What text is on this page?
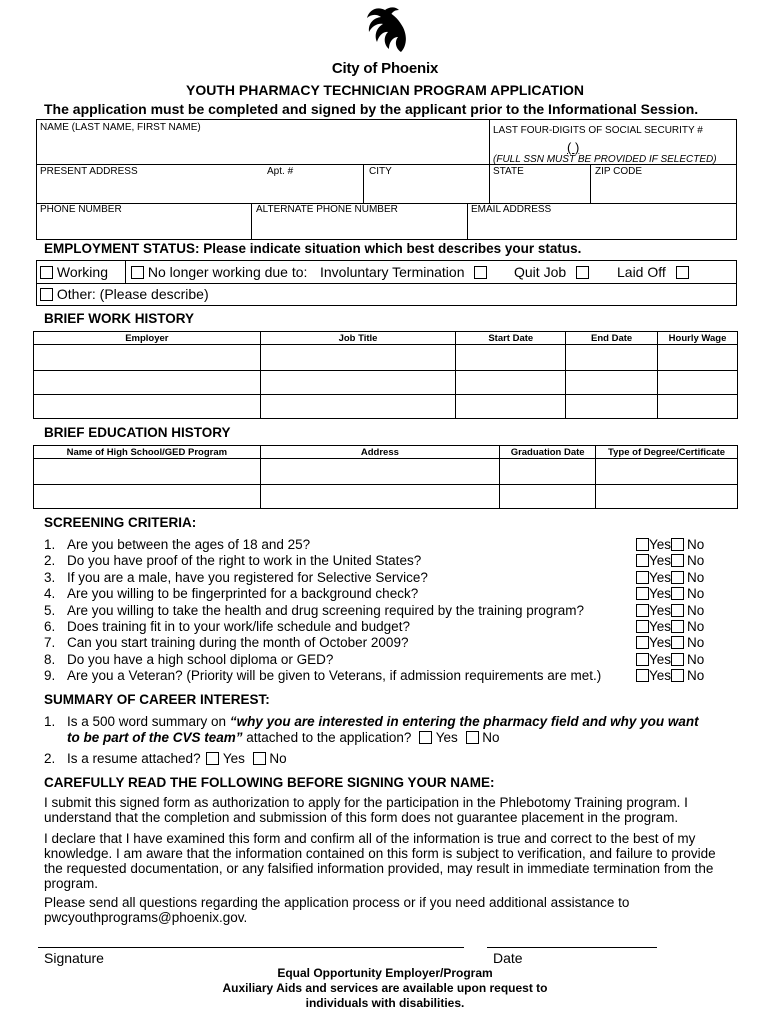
City of Phoenix
YOUTH PHARMACY TECHNICIAN PROGRAM APPLICATION
The application must be completed and signed by the applicant prior to the Informational Session.
NAME (LAST NAME, FIRST NAME)	LAST FOUR-DIGITS OF SOCIAL SECURITY #
( )
(FULL SSN MUST BE PROVIDED IF SELECTED)
PRESENT ADDRESS	Apt. #	CITY	STATE	ZIP CODE
PHONE NUMBER	ALTERNATE PHONE NUMBER	EMAIL ADDRESS
EMPLOYMENT STATUS: Please indicate situation which best describes your status.
Working	No longer working due to: Involuntary Termination	Quit Job	Laid Off
Other: (Please describe)
BRIEF WORK HISTORY
Employer	Job Title	Start Date	End Date	Hourly Wage

BRIEF EDUCATION HISTORY
Name of High School/GED Program	Address	Graduation Date	Type of Degree/Certificate

SCREENING CRITERIA:
1. Are you between the ages of 18 and 25?	Yes No
2. Do you have proof of the right to work in the United States?	Yes No
3. If you are a male, have you registered for Selective Service?	Yes No
4. Are you willing to be fingerprinted for a background check?	Yes No
5. Are you willing to take the health and drug screening required by the training program?	Yes No
6. Does training fit in to your work/life schedule and budget?	Yes No
7. Can you start training during the month of October 2009?	Yes No
8. Do you have a high school diploma or GED?	Yes No
9. Are you a Veteran? (Priority will be given to Veterans, if admission requirements are met.)	Yes No
SUMMARY OF CAREER INTEREST:
1. Is a 500 word summary on “why you are interested in entering the pharmacy field and why you want
to be part of the CVS team” attached to the application? Yes No
2. Is a resume attached? Yes No
CAREFULLY READ THE FOLLOWING BEFORE SIGNING YOUR NAME:
I submit this signed form as authorization to apply for the participation in the Phlebotomy Training program. I understand that the completion and submission of this form does not guarantee placement in the program.
I declare that I have examined this form and confirm all of the information is true and correct to the best of my knowledge. I am aware that the information contained on this form is subject to verification, and failure to provide the requested documentation, or any falsified information provided, may result in immediate termination from the program.
Please send all questions regarding the application process or if you need additional assistance to pwcyouthprograms@phoenix.gov.
Signature	Date
Equal Opportunity Employer/Program
Auxiliary Aids and services are available upon request to
individuals with disabilities.
